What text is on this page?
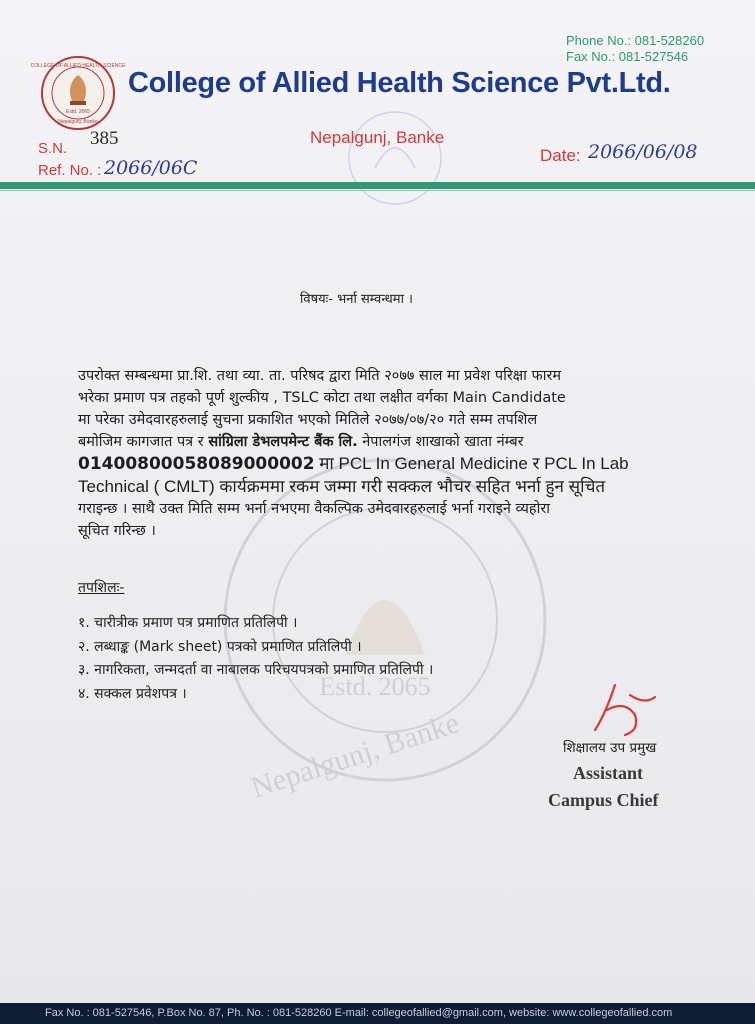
Phone No.: 081-528260
Fax No.: 081-527546
COLLEGE OF ALLIED HEALTH SCIENCE
Estd. 2065
Nepalgunj, Banke
College of Allied Health Science Pvt.Ltd.
Nepalgunj, Banke
S.N. 385
Ref. No. : 2066/06C
Date: 2066/06/08
Estd. 2065
Nepalgunj, Banke
विषयः- भर्ना सम्वन्धमा ।

उपरोक्त सम्बन्धमा प्रा.शि. तथा व्या. ता. परिषद द्वारा मिति २०७७ साल मा प्रवेश परिक्षा फारम

भरेका प्रमाण पत्र तहको पूर्ण शुल्कीय , TSLC कोटा तथा लक्षीत वर्गका Main Candidate

मा परेका उमेदवारहरुलाई सुचना प्रकाशित भएको मितिले २०७७/०७/२० गते सम्म तपशिल

बमोजिम कागजात पत्र र सांग्रिला डेभलपमेन्ट बैंक लि. नेपालगंज शाखाको खाता नंम्बर

01400800058089000002 मा PCL In General Medicine र PCL In Lab

Technical ( CMLT) कार्यक्रममा रकम जम्मा गरी सक्कल भौचर सहित भर्ना हुन सूचित

गराइन्छ । साथै उक्त मिति सम्म भर्ना नभएमा वैकल्पिक उमेदवारहरुलाई भर्ना गराइने व्यहोरा

सूचित गरिन्छ ।

तपशिलः-
१. चारीत्रीक प्रमाण पत्र प्रमाणित प्रतिलिपी ।
२. लब्धाङ्क (Mark sheet) पत्रको प्रमाणित प्रतिलिपी ।
३. नागरिकता, जन्मदर्ता वा नाबालक परिचयपत्रको प्रमाणित प्रतिलिपी ।
४. सक्कल प्रवेशपत्र ।
शिक्षालय उप प्रमुख
Assistant
Campus Chief
Fax No. : 081-527546, P.Box No. 87, Ph. No. : 081-528260 E-mail: collegeofallied@gmail.com, website: www.collegeofallied.com
